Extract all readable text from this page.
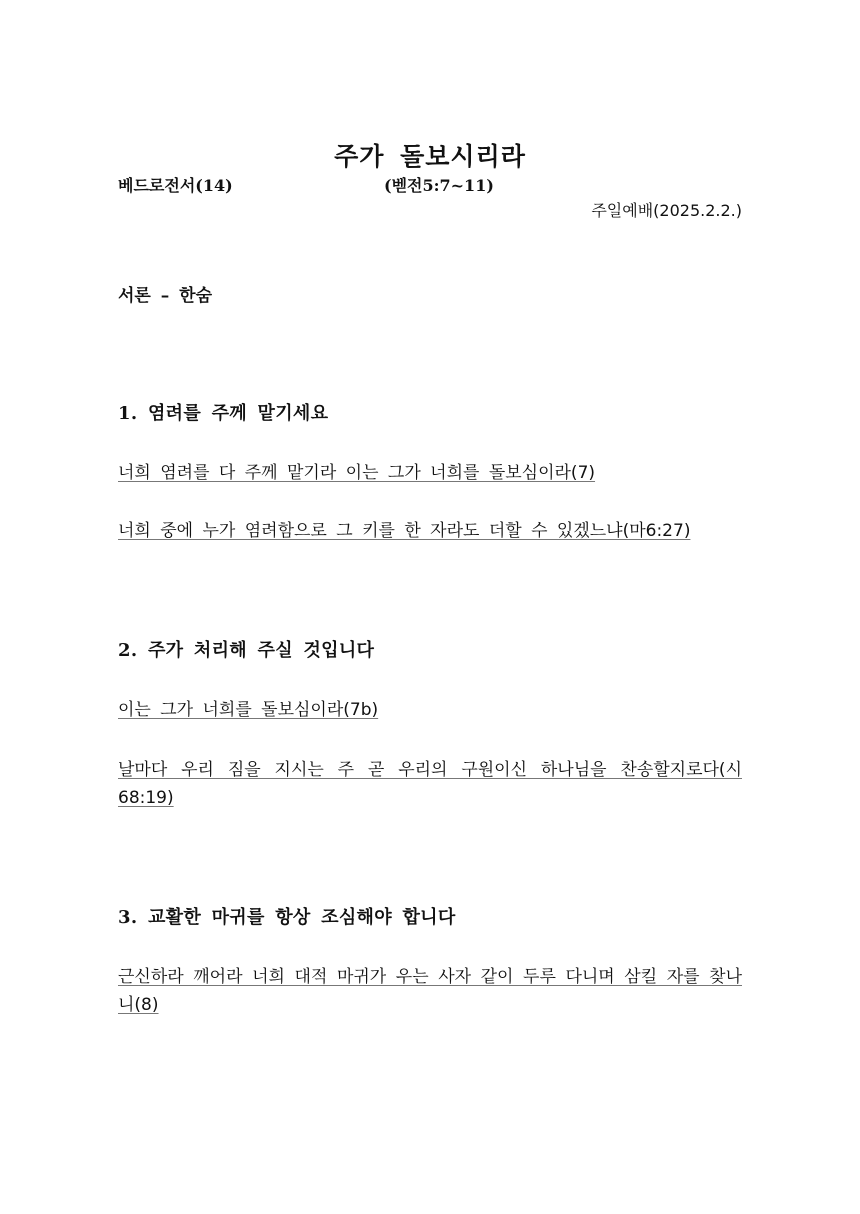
주가 돌보시리라
베드로전서(14)	(벧전5:7~11)
주일예배(2025.2.2.)
서론 – 한숨
1. 염려를 주께 맡기세요
너희 염려를 다 주께 맡기라 이는 그가 너희를 돌보심이라(7)
너희 중에 누가 염려함으로 그 키를 한 자라도 더할 수 있겠느냐(마6:27)
2. 주가 처리해 주실 것입니다
이는 그가 너희를 돌보심이라(7b)
날마다 우리 짐을 지시는 주 곧 우리의 구원이신 하나님을 찬송할지로다(시68:19)
3. 교활한 마귀를 항상 조심해야 합니다
근신하라 깨어라 너희 대적 마귀가 우는 사자 같이 두루 다니며 삼킬 자를 찾나니(8)
